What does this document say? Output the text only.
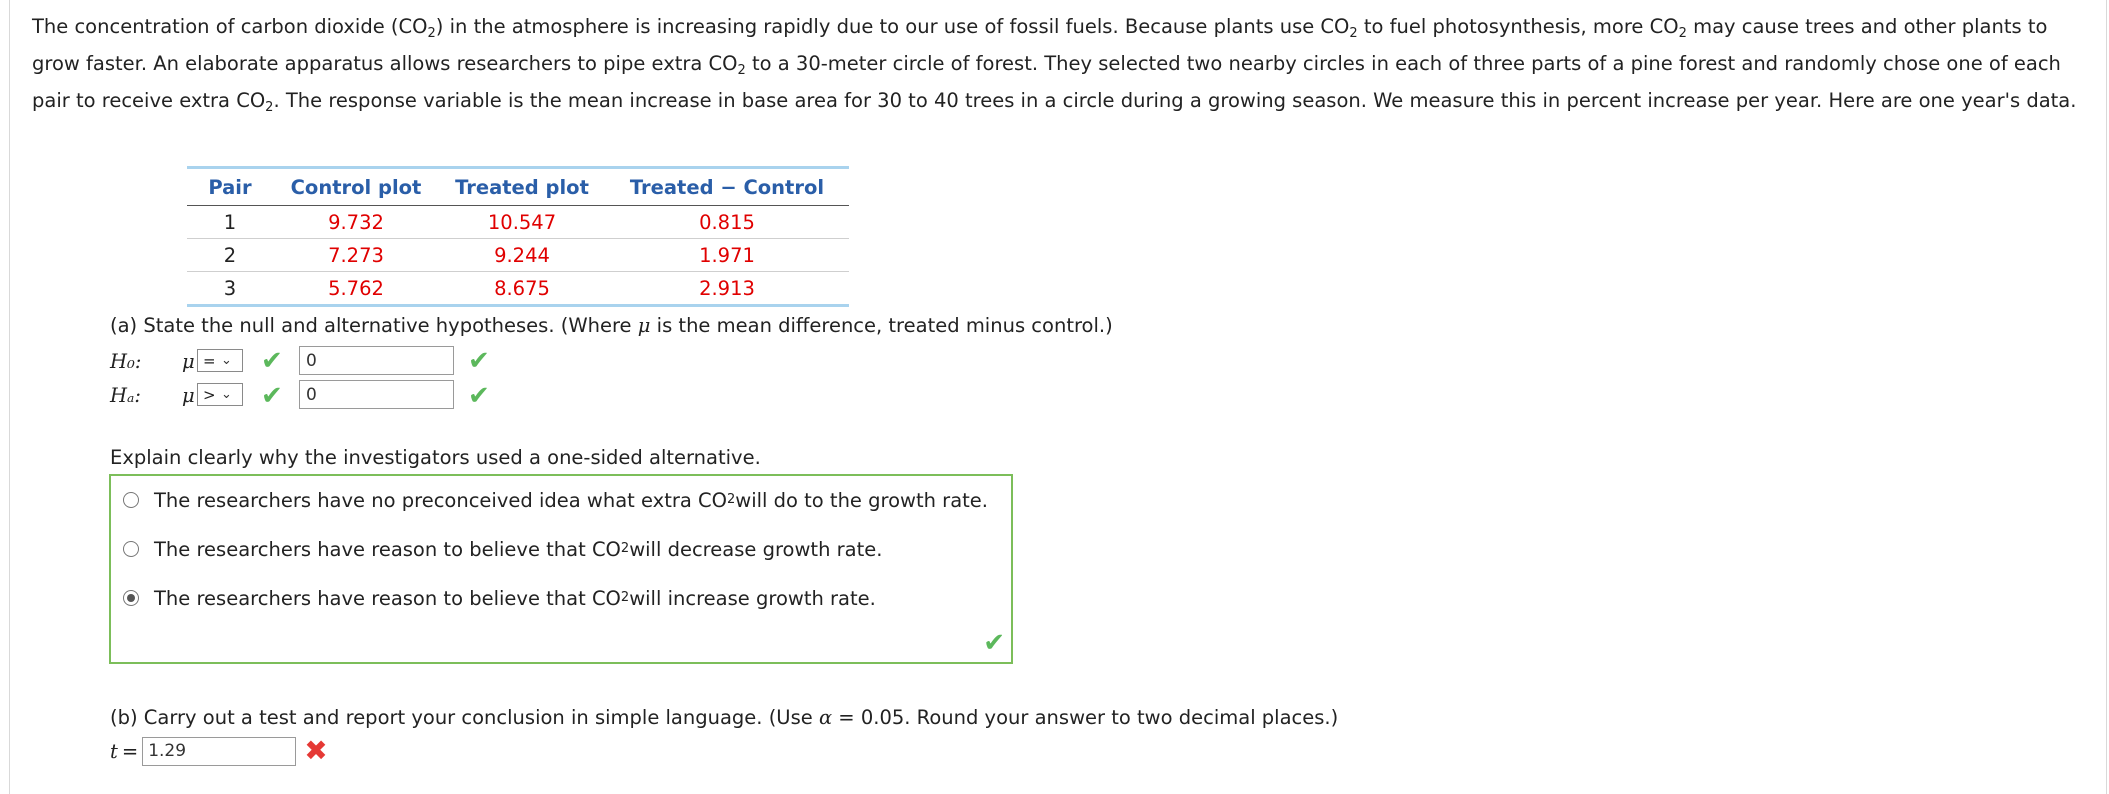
The concentration of carbon dioxide $(CO_2)$ in the atmosphere is increasing rapidly due to our use of fossil fuels. Because plants use $CO_2$ to fuel photosynthesis, more $CO_2$ may cause trees and other plants to grow faster. An elaborate apparatus allows researchers to pipe extra $CO_2$ to a 30-meter circle of forest. They selected two nearby circles in each of three parts of a pine forest and randomly chose one of each pair to receive extra $CO_2$. The response variable is the mean increase in base area for 30 to 40 trees in a circle during a growing season. We measure this in percent increase per year. Here are one year's data.
Pair	Control plot	Treated plot	Treated − Control
1	9.732	10.547	0.815
2	7.273	9.244	1.971
3	5.762	8.675	2.913
(a) State the null and alternative hypotheses. (Where μ is the mean difference, treated minus control.)
H₀:	μ = ⌄ ✔	0	✔
Hₐ:	μ > ⌄ ✔	0	✔
Explain clearly why the investigators used a one-sided alternative.
The researchers have no preconceived idea what extra CO 2 will do to the growth rate.
The researchers have reason to believe that CO 2 will decrease growth rate.
The researchers have reason to believe that CO 2 will increase growth rate.
✔
(b) Carry out a test and report your conclusion in simple language. (Use α = 0.05. Round your answer to two decimal places.)
t = 1.29	✖
